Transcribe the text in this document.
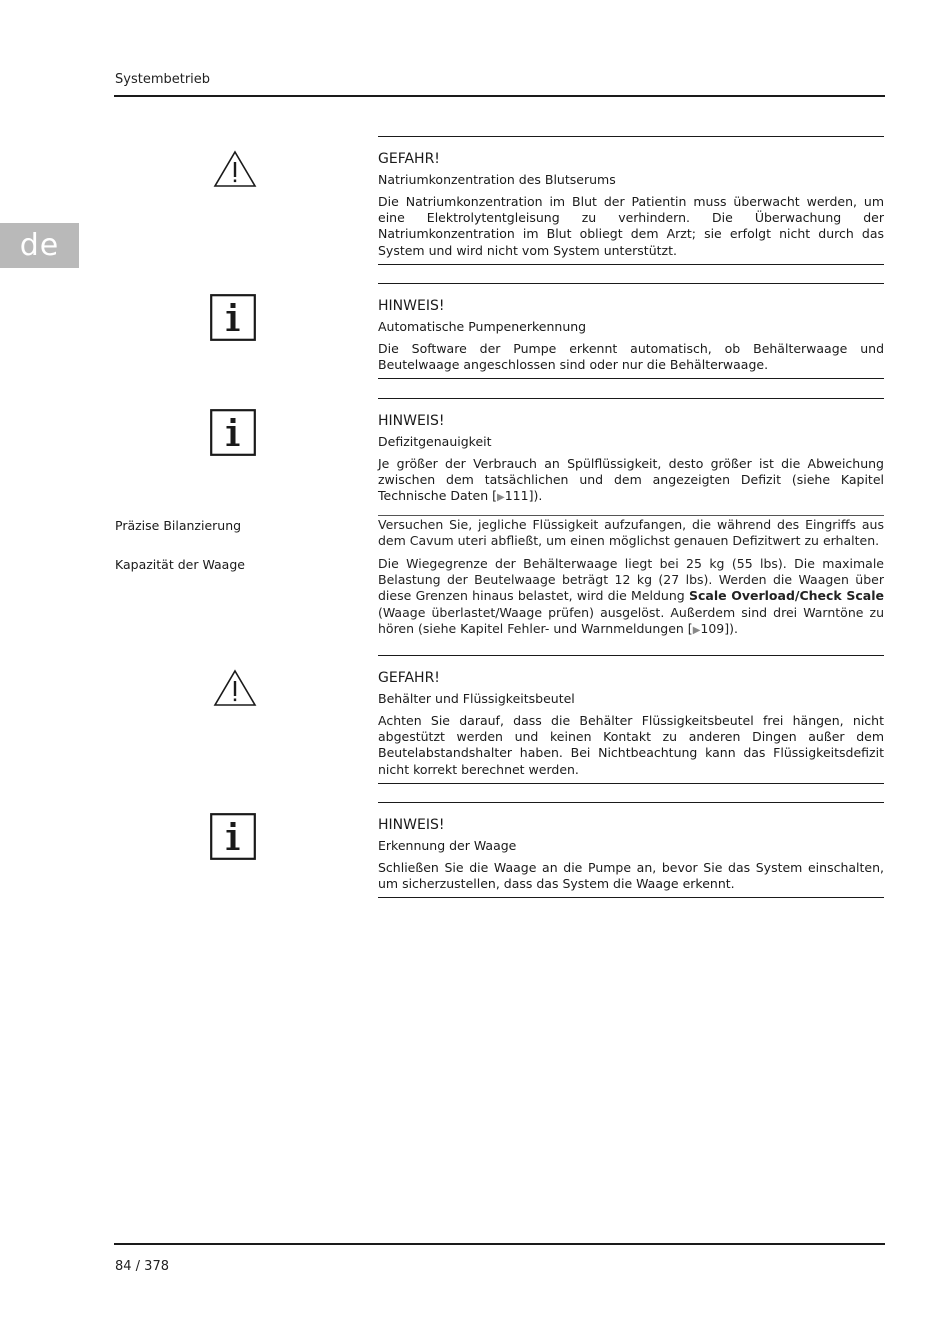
Systembetrieb
de
GEFAHR!
Natriumkonzentration des Blutserums
Die Natriumkonzentration im Blut der Patientin muss überwacht werden, um eine Elektrolytentgleisung zu verhindern. Die Überwachung der Natriumkonzentration im Blut obliegt dem Arzt; sie erfolgt nicht durch das System und wird nicht vom System unterstützt.
HINWEIS!
Automatische Pumpenerkennung
Die Software der Pumpe erkennt automatisch, ob Behälterwaage und Beutelwaage angeschlossen sind oder nur die Behälterwaage.
HINWEIS!
Defizitgenauigkeit
Je größer der Verbrauch an Spülflüssigkeit, desto größer ist die Abweichung zwischen dem tatsächlichen und dem angezeigten Defizit (siehe Kapitel Technische Daten [▶111]).
Präzise Bilanzierung	Versuchen Sie, jegliche Flüssigkeit aufzufangen, die während des Eingriffs aus dem Cavum uteri abfließt, um einen möglichst genauen Defizitwert zu erhalten.
Kapazität der Waage	Die Wiegegrenze der Behälterwaage liegt bei 25 kg (55 lbs). Die maximale Belastung der Beutelwaage beträgt 12 kg (27 lbs). Werden die Waagen über diese Grenzen hinaus belastet, wird die Meldung Scale Overload/Check Scale (Waage überlastet/Waage prüfen) ausgelöst. Außerdem sind drei Warntöne zu hören (siehe Kapitel Fehler- und Warnmeldungen [▶109]).
GEFAHR!
Behälter und Flüssigkeitsbeutel
Achten Sie darauf, dass die Behälter Flüssigkeitsbeutel frei hängen, nicht abgestützt werden und keinen Kontakt zu anderen Dingen außer dem Beutelabstandshalter haben. Bei Nichtbeachtung kann das Flüssigkeitsdefizit nicht korrekt berechnet werden.
HINWEIS!
Erkennung der Waage
Schließen Sie die Waage an die Pumpe an, bevor Sie das System einschalten, um sicherzustellen, dass das System die Waage erkennt.
84 / 378
